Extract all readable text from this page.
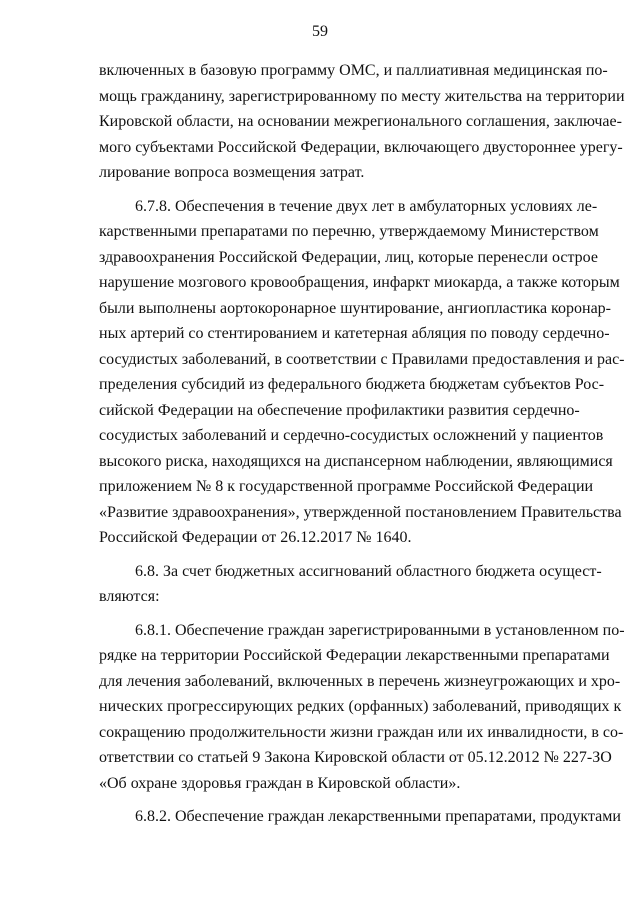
59
включенных в базовую программу ОМС, и паллиативная медицинская по-
мощь гражданину, зарегистрированному по месту жительства на территории
Кировской области, на основании межрегионального соглашения, заключае-
мого субъектами Российской Федерации, включающего двустороннее урегу-
лирование вопроса возмещения затрат.
6.7.8. Обеспечения в течение двух лет в амбулаторных условиях ле-
карственными препаратами по перечню, утверждаемому Министерством
здравоохранения Российской Федерации, лиц, которые перенесли острое
нарушение мозгового кровообращения, инфаркт миокарда, а также которым
были выполнены аортокоронарное шунтирование, ангиопластика коронар-
ных артерий со стентированием и катетерная абляция по поводу сердечно-
сосудистых заболеваний, в соответствии с Правилами предоставления и рас-
пределения субсидий из федерального бюджета бюджетам субъектов Рос-
сийской Федерации на обеспечение профилактики развития сердечно-
сосудистых заболеваний и сердечно-сосудистых осложнений у пациентов
высокого риска, находящихся на диспансерном наблюдении, являющимися
приложением № 8 к государственной программе Российской Федерации
«Развитие здравоохранения», утвержденной постановлением Правительства
Российской Федерации от 26.12.2017 № 1640.
6.8. За счет бюджетных ассигнований областного бюджета осущест-
вляются:
6.8.1. Обеспечение граждан зарегистрированными в установленном по-
рядке на территории Российской Федерации лекарственными препаратами
для лечения заболеваний, включенных в перечень жизнеугрожающих и хро-
нических прогрессирующих редких (орфанных) заболеваний, приводящих к
сокращению продолжительности жизни граждан или их инвалидности, в со-
ответствии со статьей 9 Закона Кировской области от 05.12.2012 № 227-ЗО
«Об охране здоровья граждан в Кировской области».
6.8.2. Обеспечение граждан лекарственными препаратами, продуктами
